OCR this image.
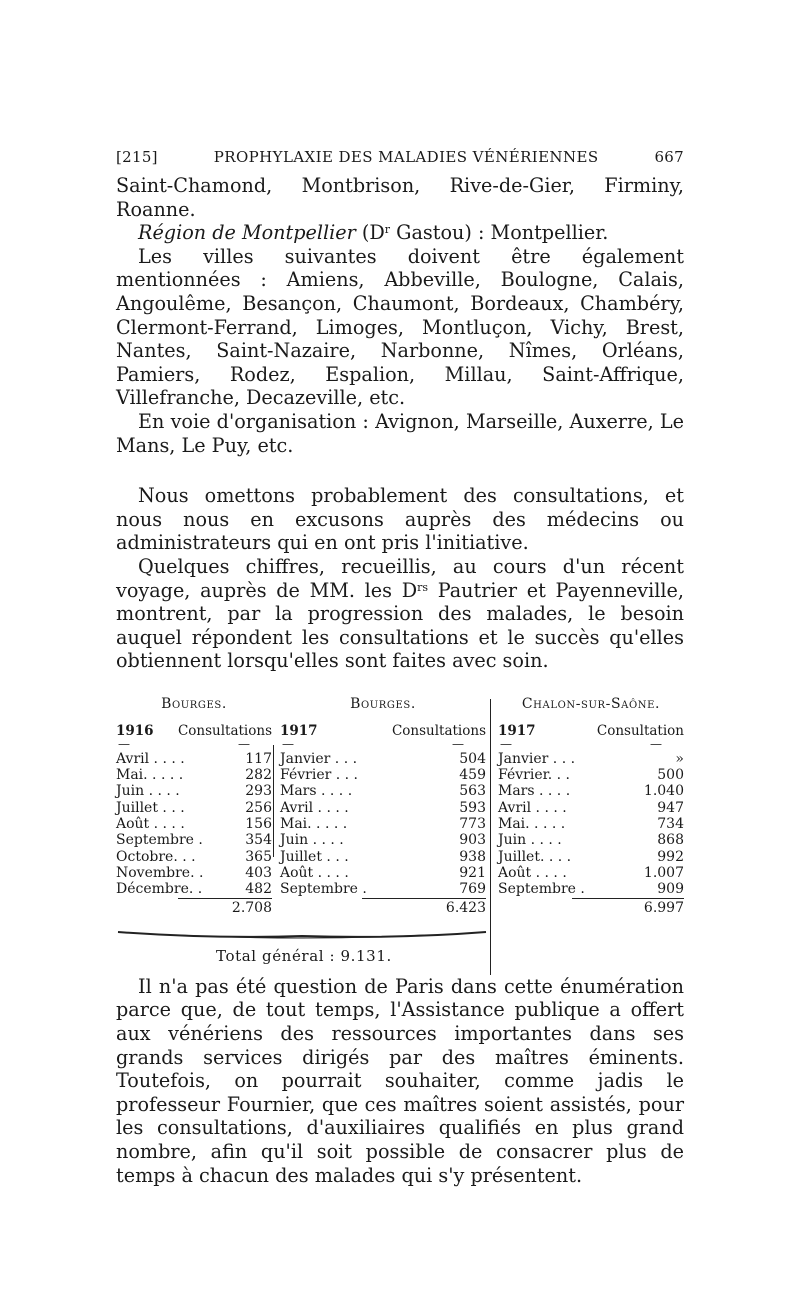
[215]	PROPHYLAXIE DES MALADIES VÉNÉRIENNES	667

Saint-Chamond, Montbrison, Rive-de-Gier, Firminy, Roanne.

Région de Montpellier ($D^r$ Gastou) : Montpellier.

Les villes suivantes doivent être également mentionnées : Amiens, Abbeville, Boulogne, Calais, Angoulême, Besançon, Chaumont, Bordeaux, Chambéry, Clermont-Ferrand, Limoges, Montluçon, Vichy, Brest, Nantes, Saint-Nazaire, Narbonne, Nîmes, Orléans, Pamiers, Rodez, Espalion, Millau, Saint-Affrique, Villefranche, Decazeville, etc.

En voie d'organisation : Avignon, Marseille, Auxerre, Le Mans, Le Puy, etc.

Nous omettons probablement des consultations, et nous nous en excusons auprès des médecins ou administrateurs qui en ont pris l'initiative.

Quelques chiffres, recueillis, au cours d'un récent voyage, auprès de MM. les $D^{rs}$ Pautrier et Payenneville, montrent, par la progression des malades, le besoin auquel répondent les consultations et le succès qu'elles obtiennent lorsqu'elles sont faites avec soin.

Bourges.
1916 Consultations
—	—
Avril . . . .	117
Mai. . . . .	282
Juin . . . .	293
Juillet . . .	256
Août . . . .	156
Septembre .	354
Octobre. . .	365
Novembre. .	403
Décembre. .	482
2.708
Bourges.
1917	Consultations
—	—
Janvier . . .	504
Février . . .	459
Mars . . . .	563
Avril . . . .	593
Mai. . . . .	773
Juin . . . .	903
Juillet . . .	938
Août . . . .	921
Septembre .	769
6.423
Chalon-sur-Saône.
1917	Consultation
—	—
Janvier . . .	»
Février. . .	500
Mars . . . .	1.040
Avril . . . .	947
Mai. . . . .	734
Juin . . . .	868
Juillet. . . .	992
Août . . . .	1.007
Septembre .	909
6.997
Total général : 9.131.

Il n'a pas été question de Paris dans cette énumération parce que, de tout temps, l'Assistance publique a offert aux vénériens des ressources importantes dans ses grands services dirigés par des maîtres éminents. Toutefois, on pourrait souhaiter, comme jadis le professeur Fournier, que ces maîtres soient assistés, pour les consultations, d'auxiliaires qualifiés en plus grand nombre, afin qu'il soit possible de consacrer plus de temps à chacun des malades qui s'y présentent.
